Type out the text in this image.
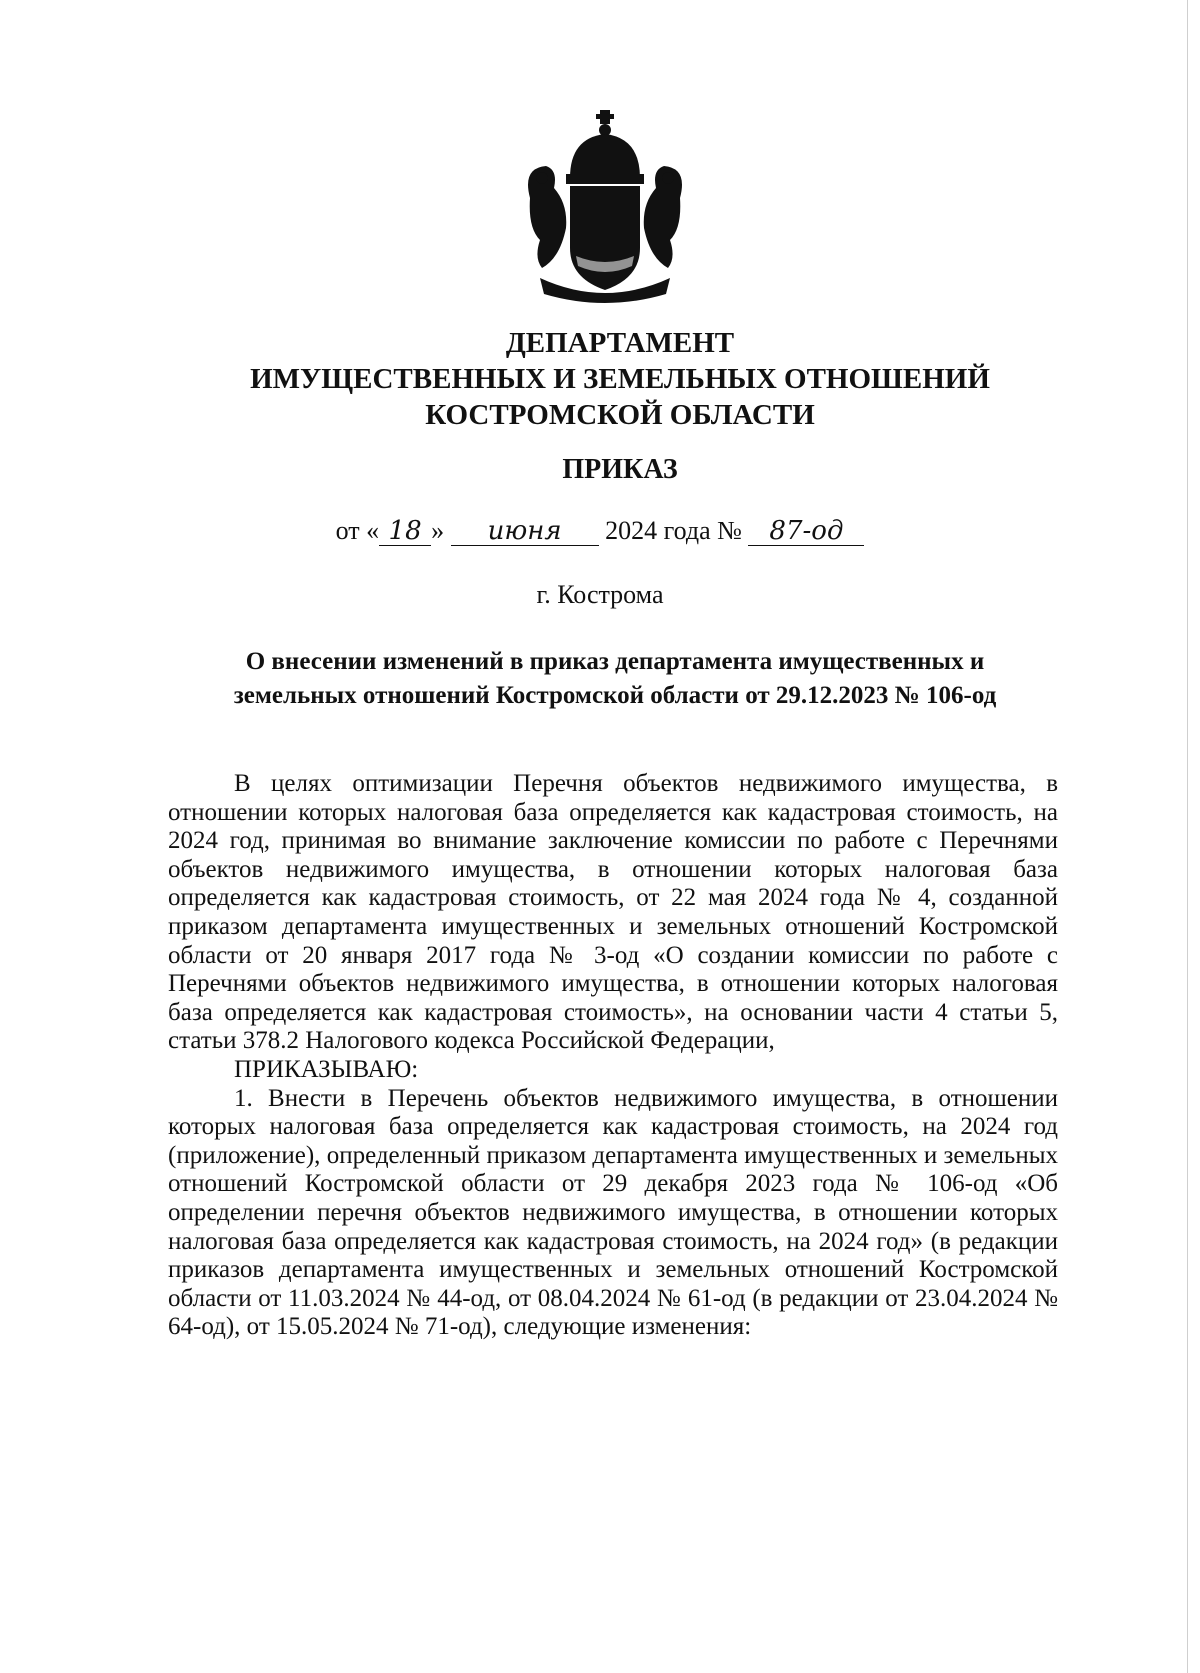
ДЕПАРТАМЕНТ
ИМУЩЕСТВЕННЫХ И ЗЕМЕЛЬНЫХ ОТНОШЕНИЙ
КОСТРОМСКОЙ ОБЛАСТИ
ПРИКАЗ
от « 18 » июня 2024 года № 87-од
г. Кострома
О внесении изменений в приказ департамента имущественных и
земельных отношений Костромской области от 29.12.2023 № 106-од

В целях оптимизации Перечня объектов недвижимого имущества, в отношении которых налоговая база определяется как кадастровая стоимость, на 2024 год, принимая во внимание заключение комиссии по работе с Перечнями объектов недвижимого имущества, в отношении которых налоговая база определяется как кадастровая стоимость, от 22 мая 2024 года № 4, созданной приказом департамента имущественных и земельных отношений Костромской области от 20 января 2017 года № 3-од «О создании комиссии по работе с Перечнями объектов недвижимого имущества, в отношении которых налоговая база определяется как кадастровая стоимость», на основании части 4 статьи 5, статьи 378.2 Налогового кодекса Российской Федерации,

ПРИКАЗЫВАЮ:

1. Внести в Перечень объектов недвижимого имущества, в отношении которых налоговая база определяется как кадастровая стоимость, на 2024 год (приложение), определенный приказом департамента имущественных и земельных отношений Костромской области от 29 декабря 2023 года № 106-од «Об определении перечня объектов недвижимого имущества, в отношении которых налоговая база определяется как кадастровая стоимость, на 2024 год» (в редакции приказов департамента имущественных и земельных отношений Костромской области от 11.03.2024 № 44-од, от 08.04.2024 № 61-од (в редакции от 23.04.2024 № 64-од), от 15.05.2024 № 71-од), следующие изменения:
